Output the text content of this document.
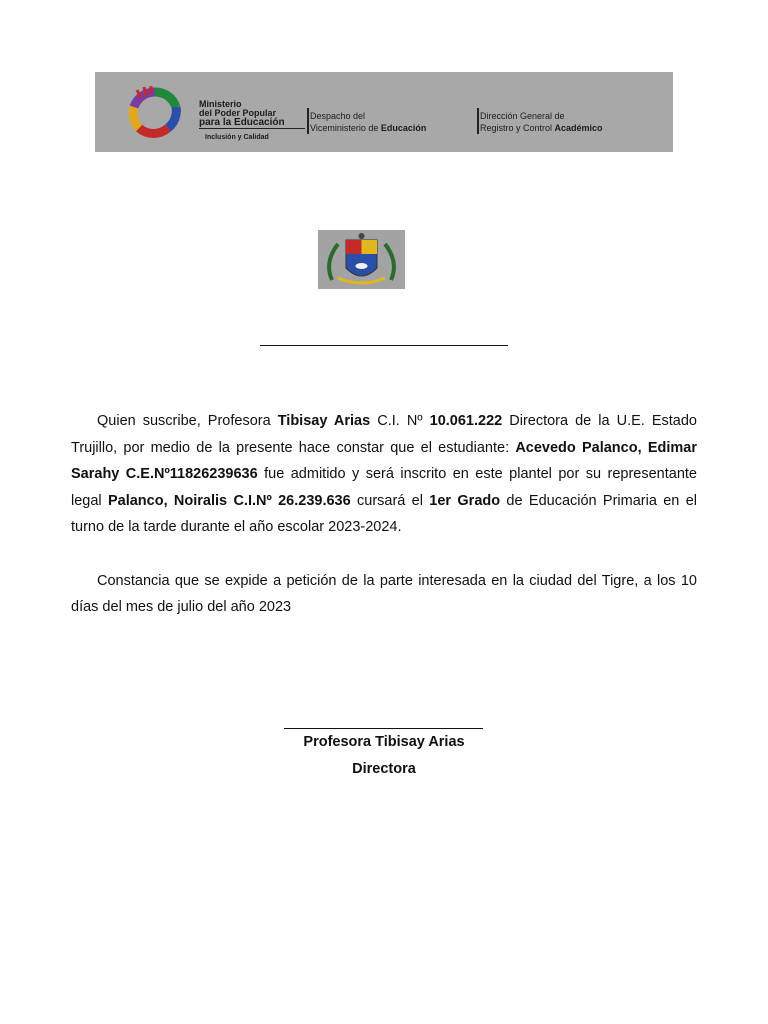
Ministerio
del Poder Popular
para la Educación
Inclusión y Calidad
Despacho del
Viceministerio de Educación
Dirección General de
Registro y Control Académico

Quien suscribe, Profesora Tibisay Arias C.I. Nº 10.061.222 Directora de la U.E. Estado Trujillo, por medio de la presente hace constar que el estudiante: Acevedo Palanco, Edimar Sarahy C.E.Nº11826239636 fue admitido y será inscrito en este plantel por su representante legal Palanco, Noiralis C.I.Nº 26.239.636 cursará el 1er Grado de Educación Primaria en el turno de la tarde durante el año escolar 2023-2024.

Constancia que se expide a petición de la parte interesada en la ciudad del Tigre, a los 10 días del mes de julio del año 2023

Profesora Tibisay Arias
Directora
